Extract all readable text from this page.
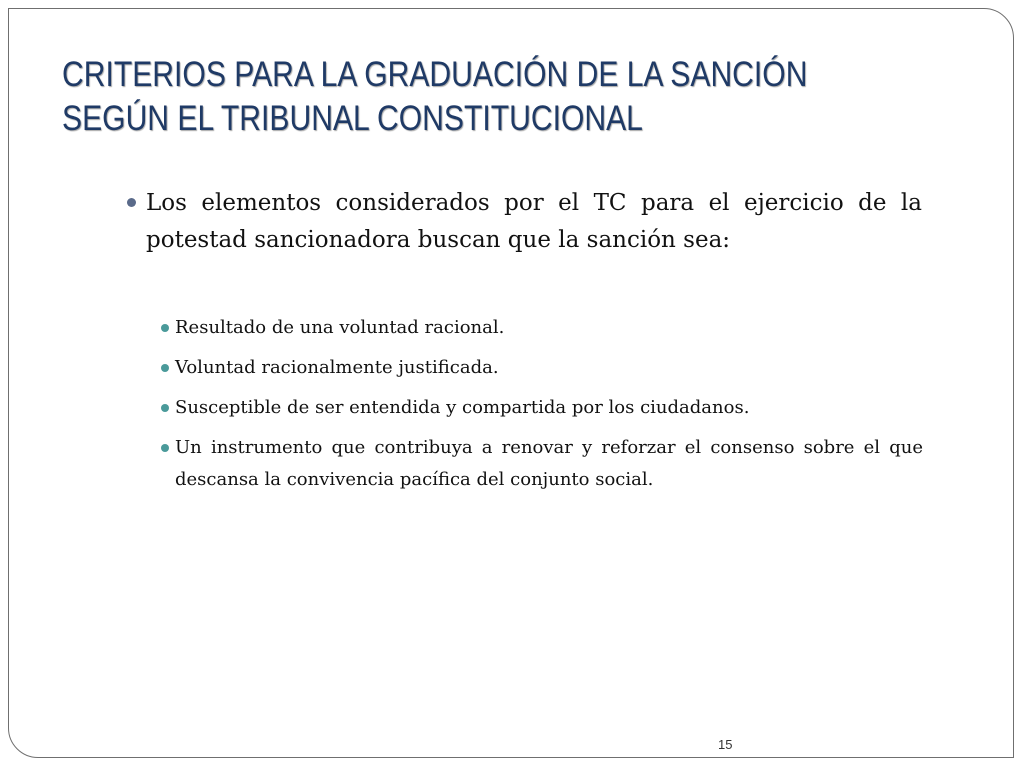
CRITERIOS PARA LA GRADUACIÓN DE LA SANCIÓN
SEGÚN EL TRIBUNAL CONSTITUCIONAL
Los elementos considerados por el TC para el ejercicio de la potestad sancionadora buscan que la sanción sea:
Resultado de una voluntad racional.
Voluntad racionalmente justificada.
Susceptible de ser entendida y compartida por los ciudadanos.
Un instrumento que contribuya a renovar y reforzar el consenso sobre el que descansa la convivencia pacífica del conjunto social.
15
